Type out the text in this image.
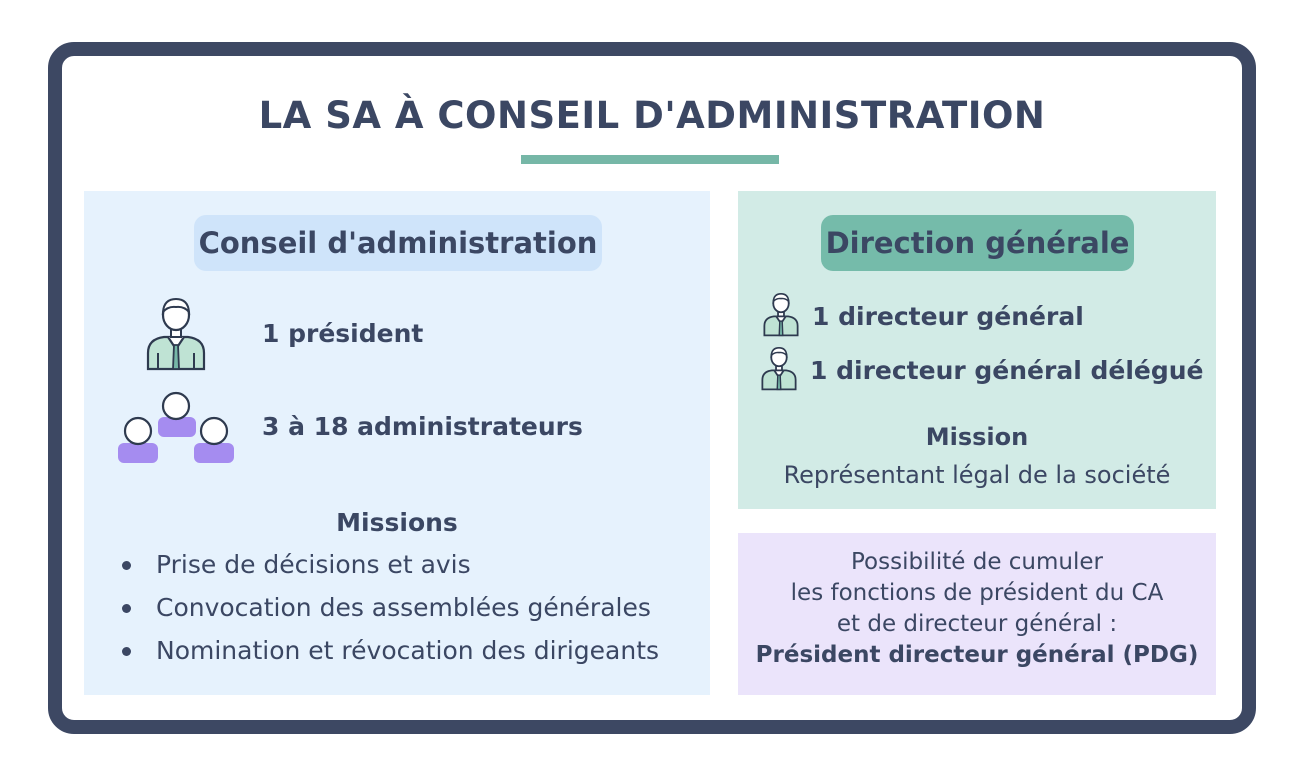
LA SA À CONSEIL D'ADMINISTRATION
Conseil d'administration
1 président
3 à 18 administrateurs
Missions
Prise de décisions et avis
Convocation des assemblées générales
Nomination et révocation des dirigeants
Direction générale
1 directeur général
1 directeur général délégué
Mission
Représentant légal de la société
Possibilité de cumuler
les fonctions de président du CA
et de directeur général :
Président directeur général (PDG)
